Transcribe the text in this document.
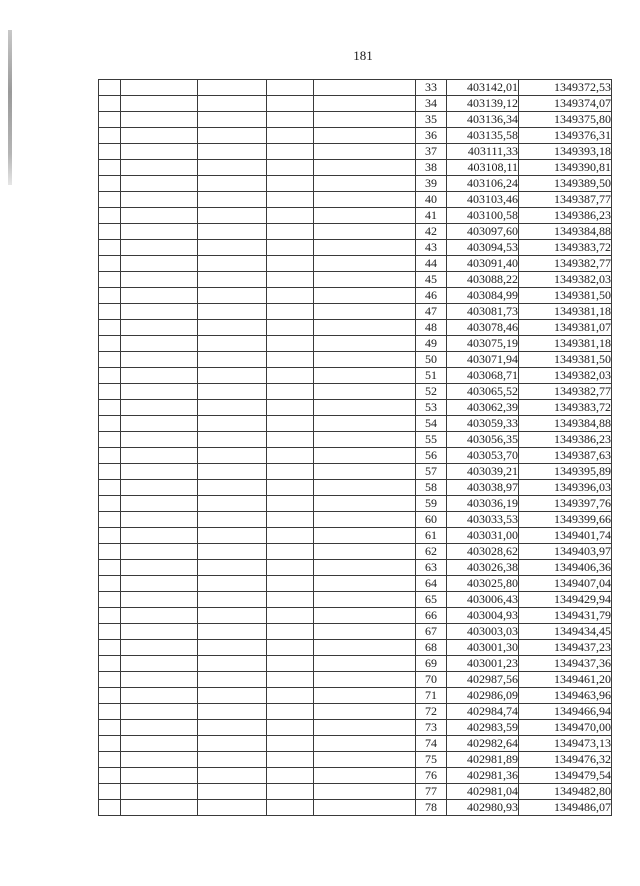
181
					33	403142,01	1349372,53
					34	403139,12	1349374,07
					35	403136,34	1349375,80
					36	403135,58	1349376,31
					37	403111,33	1349393,18
					38	403108,11	1349390,81
					39	403106,24	1349389,50
					40	403103,46	1349387,77
					41	403100,58	1349386,23
					42	403097,60	1349384,88
					43	403094,53	1349383,72
					44	403091,40	1349382,77
					45	403088,22	1349382,03
					46	403084,99	1349381,50
					47	403081,73	1349381,18
					48	403078,46	1349381,07
					49	403075,19	1349381,18
					50	403071,94	1349381,50
					51	403068,71	1349382,03
					52	403065,52	1349382,77
					53	403062,39	1349383,72
					54	403059,33	1349384,88
					55	403056,35	1349386,23
					56	403053,70	1349387,63
					57	403039,21	1349395,89
					58	403038,97	1349396,03
					59	403036,19	1349397,76
					60	403033,53	1349399,66
					61	403031,00	1349401,74
					62	403028,62	1349403,97
					63	403026,38	1349406,36
					64	403025,80	1349407,04
					65	403006,43	1349429,94
					66	403004,93	1349431,79
					67	403003,03	1349434,45
					68	403001,30	1349437,23
					69	403001,23	1349437,36
					70	402987,56	1349461,20
					71	402986,09	1349463,96
					72	402984,74	1349466,94
					73	402983,59	1349470,00
					74	402982,64	1349473,13
					75	402981,89	1349476,32
					76	402981,36	1349479,54
					77	402981,04	1349482,80
					78	402980,93	1349486,07
